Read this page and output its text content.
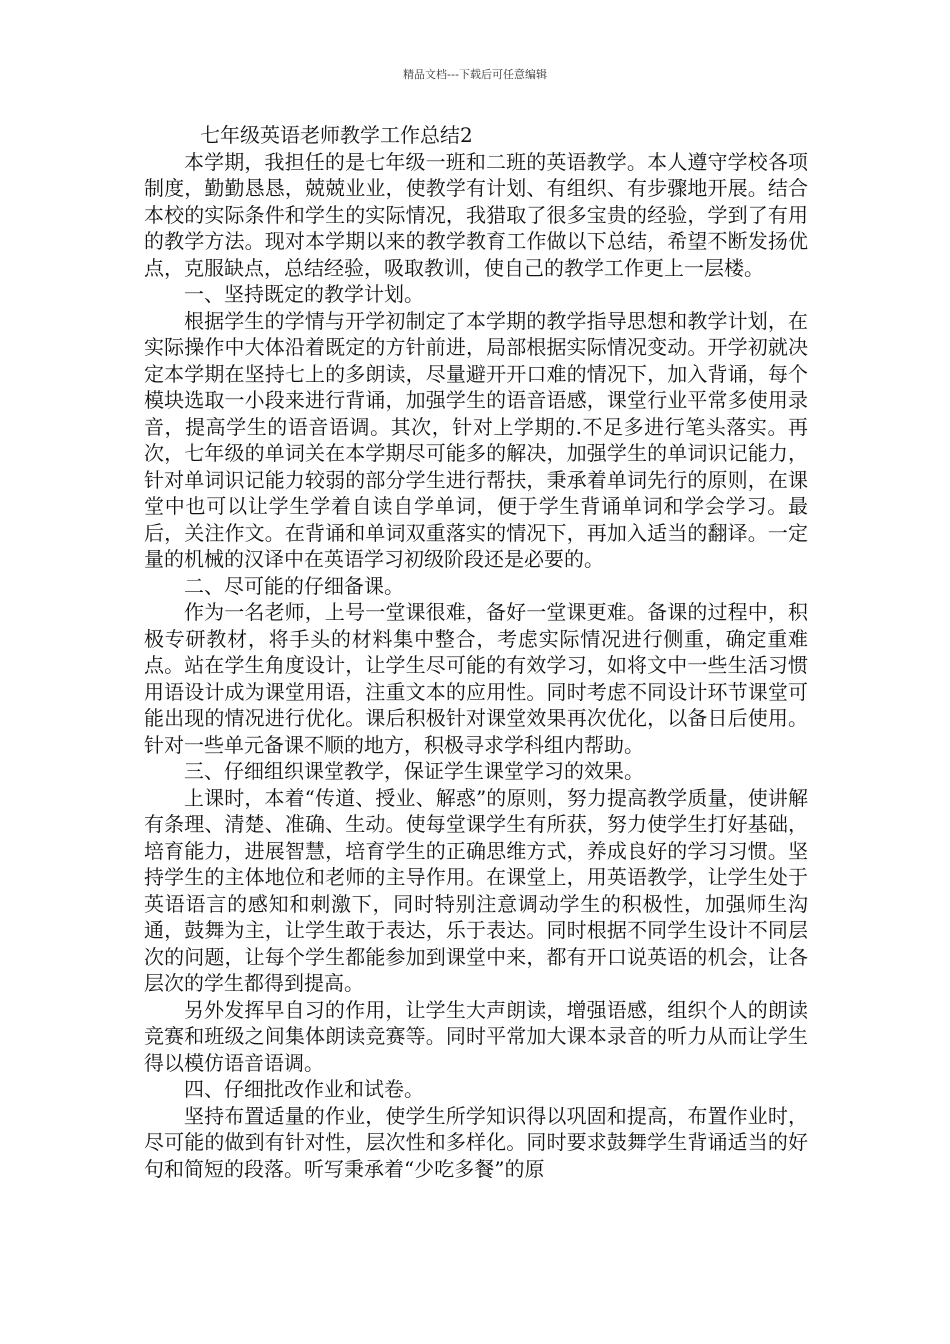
精品文档---下载后可任意编辑

七年级英语老师教学工作总结2

本学期，我担任的是七年级一班和二班的英语教学。本人遵守学校各项制度，勤勤恳恳，兢兢业业，使教学有计划、有组织、有步骤地开展。结合本校的实际条件和学生的实际情况，我猎取了很多宝贵的经验，学到了有用的教学方法。现对本学期以来的教学教育工作做以下总结，希望不断发扬优点，克服缺点，总结经验，吸取教训，使自己的教学工作更上一层楼。

一、坚持既定的教学计划。

根据学生的学情与开学初制定了本学期的教学指导思想和教学计划，在实际操作中大体沿着既定的方针前进，局部根据实际情况变动。开学初就决定本学期在坚持七上的多朗读，尽量避开开口难的情况下，加入背诵，每个模块选取一小段来进行背诵，加强学生的语音语感，课堂行业平常多使用录音，提高学生的语音语调。其次，针对上学期的.不足多进行笔头落实。再次，七年级的单词关在本学期尽可能多的解决，加强学生的单词识记能力，针对单词识记能力较弱的部分学生进行帮扶，秉承着单词先行的原则，在课堂中也可以让学生学着自读自学单词，便于学生背诵单词和学会学习。最后，关注作文。在背诵和单词双重落实的情况下，再加入适当的翻译。一定量的机械的汉译中在英语学习初级阶段还是必要的。

二、尽可能的仔细备课。

作为一名老师，上号一堂课很难，备好一堂课更难。备课的过程中，积极专研教材，将手头的材料集中整合，考虑实际情况进行侧重，确定重难点。站在学生角度设计，让学生尽可能的有效学习，如将文中一些生活习惯用语设计成为课堂用语，注重文本的应用性。同时考虑不同设计环节课堂可能出现的情况进行优化。课后积极针对课堂效果再次优化，以备日后使用。针对一些单元备课不顺的地方，积极寻求学科组内帮助。

三、仔细组织课堂教学，保证学生课堂学习的效果。

上课时，本着“传道、授业、解惑”的原则，努力提高教学质量，使讲解有条理、清楚、准确、生动。使每堂课学生有所获，努力使学生打好基础，培育能力，进展智慧，培育学生的正确思维方式，养成良好的学习习惯。坚持学生的主体地位和老师的主导作用。在课堂上，用英语教学，让学生处于英语语言的感知和刺激下，同时特别注意调动学生的积极性，加强师生沟通，鼓舞为主，让学生敢于表达，乐于表达。同时根据不同学生设计不同层次的问题，让每个学生都能参加到课堂中来，都有开口说英语的机会，让各层次的学生都得到提高。

另外发挥早自习的作用，让学生大声朗读，增强语感，组织个人的朗读竞赛和班级之间集体朗读竞赛等。同时平常加大课本录音的听力从而让学生得以模仿语音语调。

四、仔细批改作业和试卷。

坚持布置适量的作业，使学生所学知识得以巩固和提高，布置作业时，尽可能的做到有针对性，层次性和多样化。同时要求鼓舞学生背诵适当的好句和简短的段落。听写秉承着“少吃多餐”的原
